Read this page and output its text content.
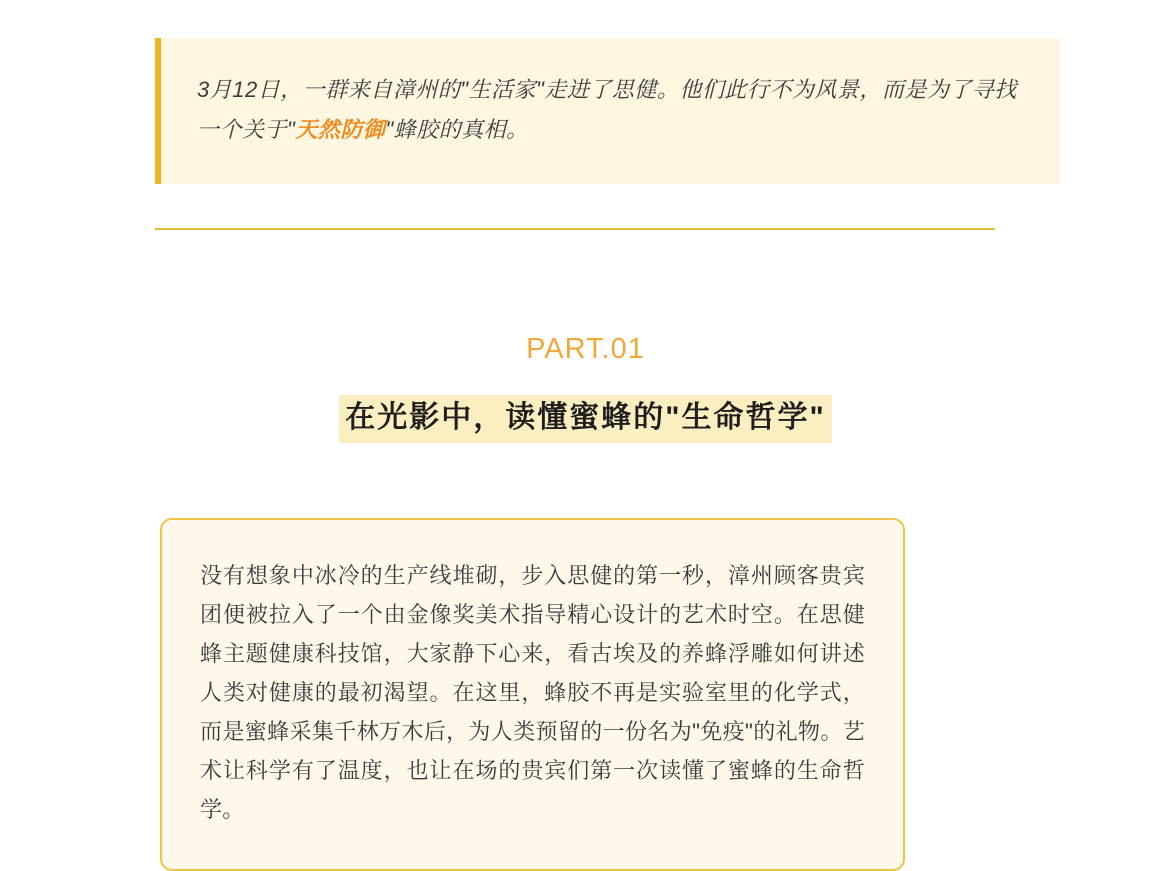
3月12日，一群来自漳州的"生活家"走进了思健。他们此行不为风景，而是为了寻找一个关于"天然防御"蜂胶的真相。

PART.01
在光影中，读懂蜜蜂的"生命哲学"

没有想象中冰冷的生产线堆砌，步入思健的第一秒，漳州顾客贵宾团便被拉入了一个由金像奖美术指导精心设计的艺术时空。在思健蜂主题健康科技馆，大家静下心来，看古埃及的养蜂浮雕如何讲述人类对健康的最初渴望。在这里，蜂胶不再是实验室里的化学式，而是蜜蜂采集千林万木后，为人类预留的一份名为"免疫"的礼物。艺术让科学有了温度，也让在场的贵宾们第一次读懂了蜜蜂的生命哲学。
